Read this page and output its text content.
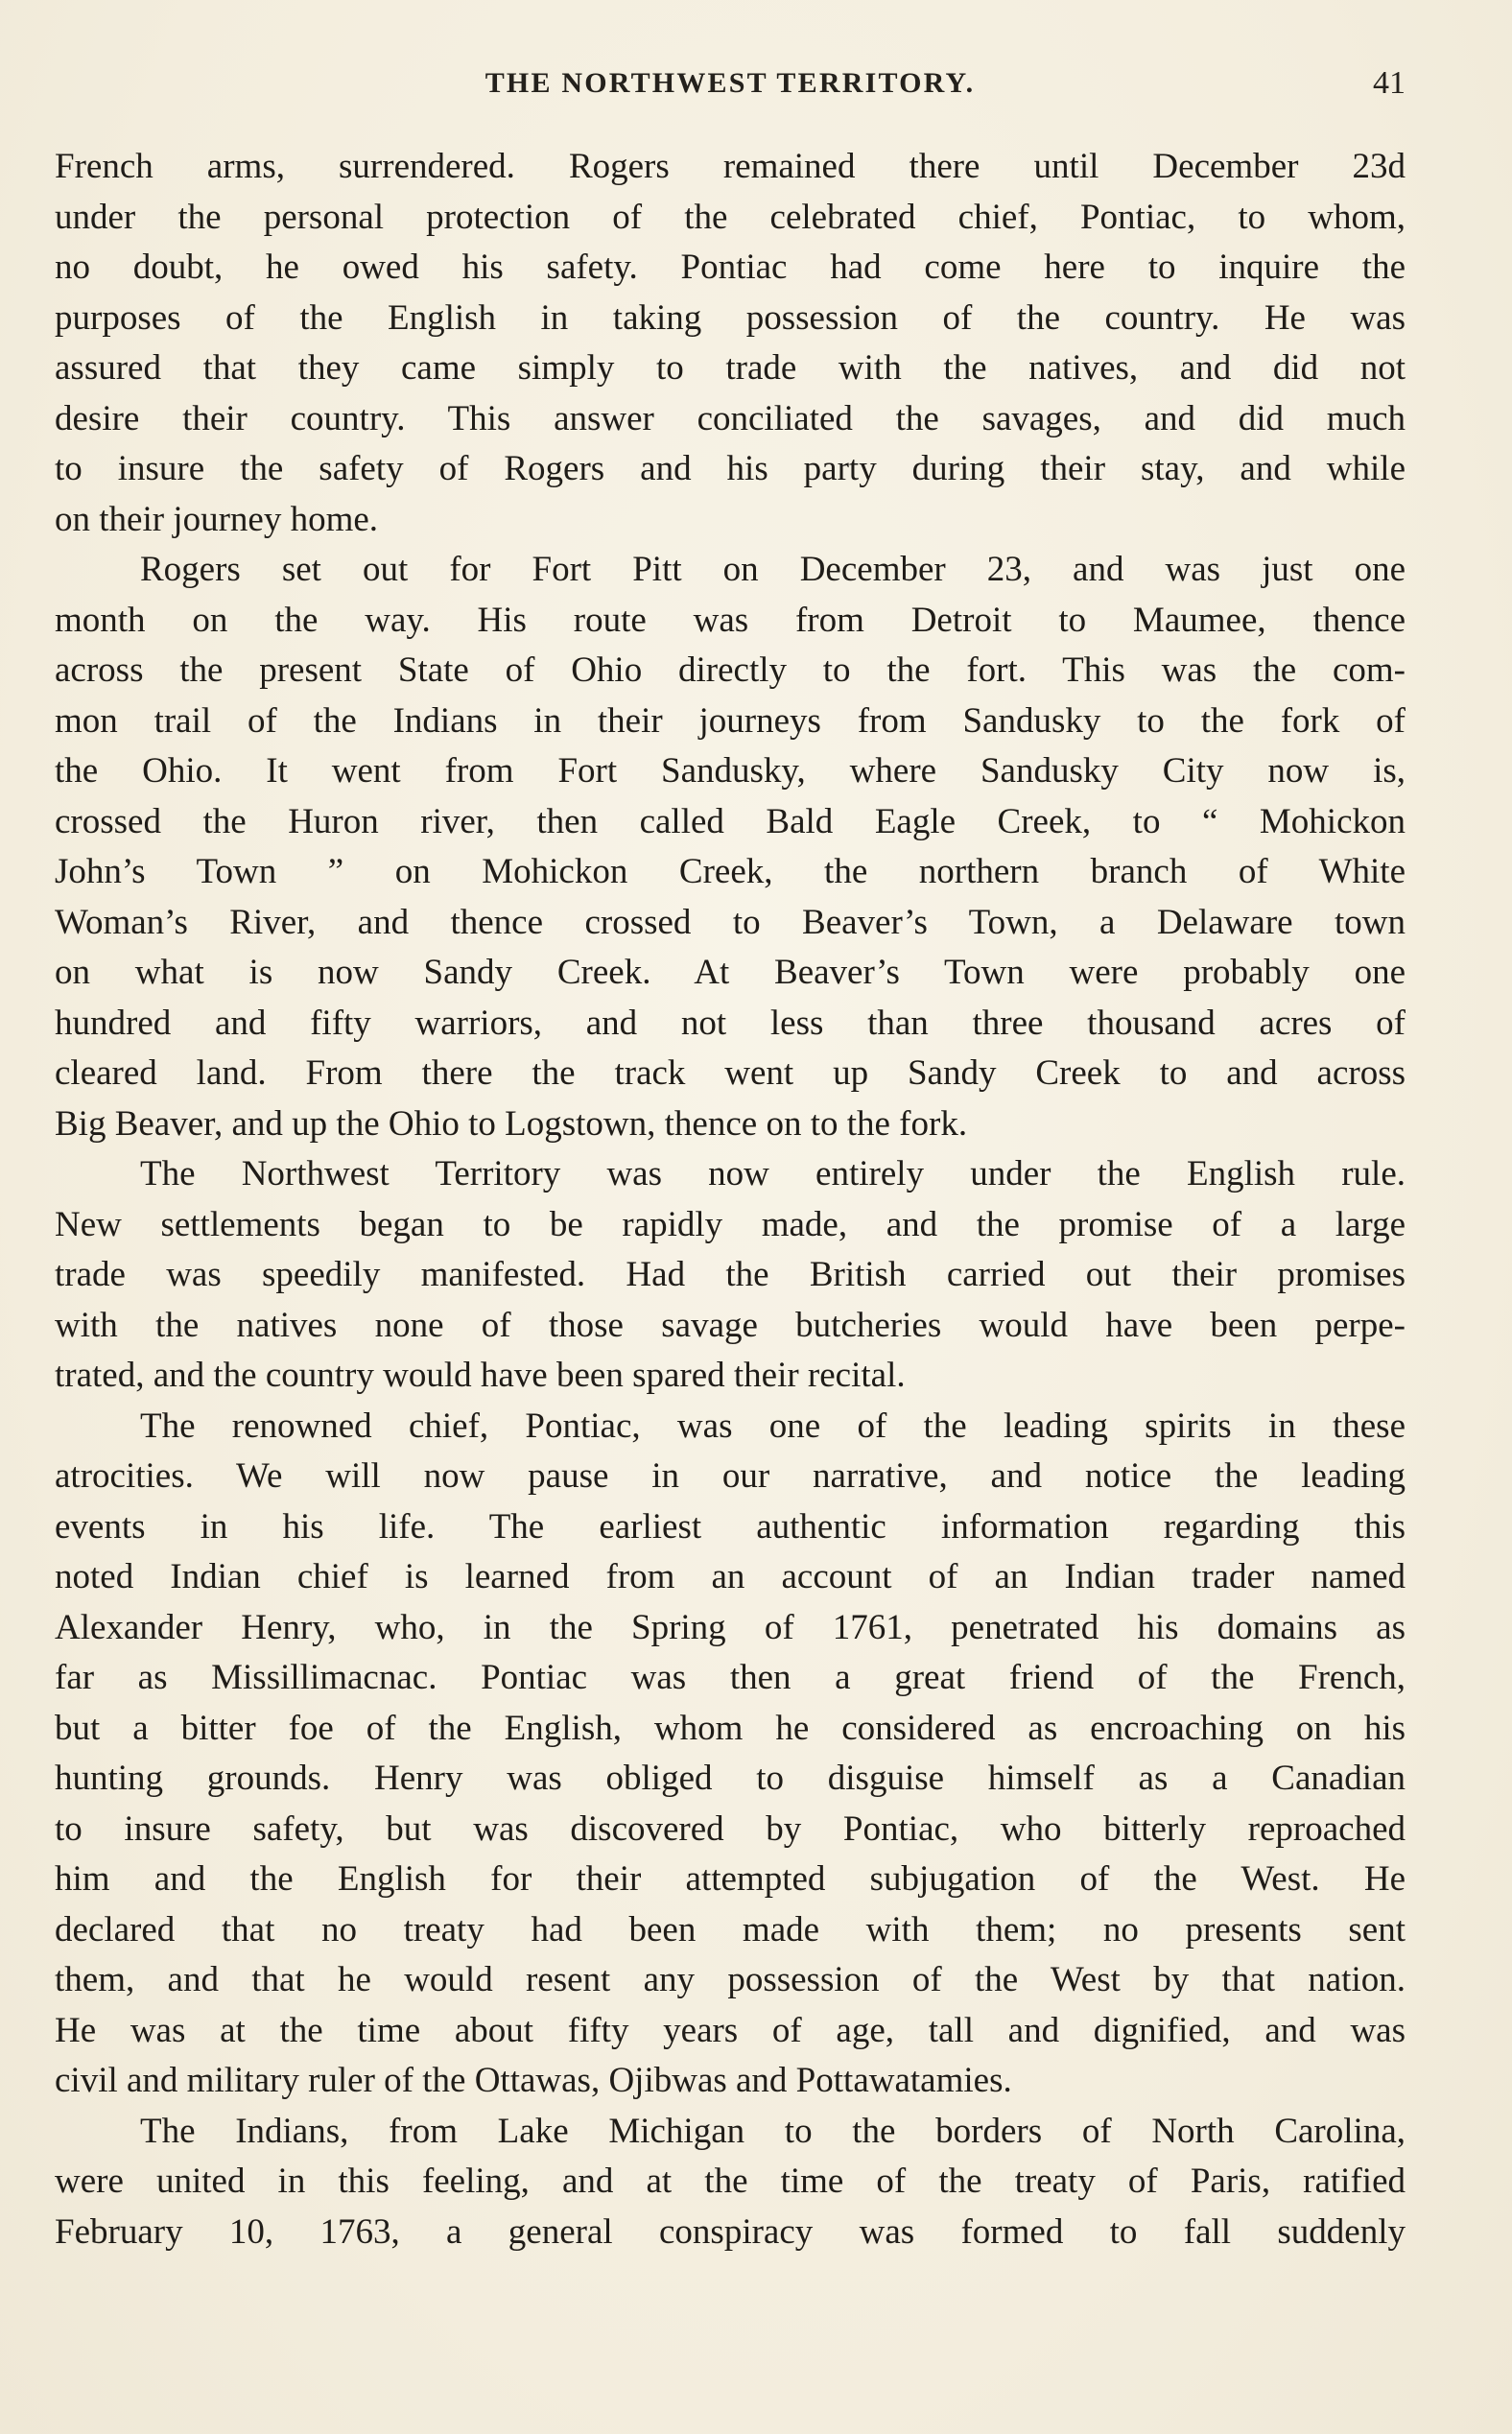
THE NORTHWEST TERRITORY.	41
French arms, surrendered. Rogers remained there until December 23d
under the personal protection of the celebrated chief, Pontiac, to whom,
no doubt, he owed his safety. Pontiac had come here to inquire the
purposes of the English in taking possession of the country. He was
assured that they came simply to trade with the natives, and did not
desire their country. This answer conciliated the savages, and did much
to insure the safety of Rogers and his party during their stay, and while
on their journey home.
Rogers set out for Fort Pitt on December 23, and was just one
month on the way. His route was from Detroit to Maumee, thence
across the present State of Ohio directly to the fort. This was the com-
mon trail of the Indians in their journeys from Sandusky to the fork of
the Ohio. It went from Fort Sandusky, where Sandusky City now is,
crossed the Huron river, then called Bald Eagle Creek, to “ Mohickon
John’s Town ” on Mohickon Creek, the northern branch of White
Woman’s River, and thence crossed to Beaver’s Town, a Delaware town
on what is now Sandy Creek. At Beaver’s Town were probably one
hundred and fifty warriors, and not less than three thousand acres of
cleared land. From there the track went up Sandy Creek to and across
Big Beaver, and up the Ohio to Logstown, thence on to the fork.
The Northwest Territory was now entirely under the English rule.
New settlements began to be rapidly made, and the promise of a large
trade was speedily manifested. Had the British carried out their promises
with the natives none of those savage butcheries would have been perpe-
trated, and the country would have been spared their recital.
The renowned chief, Pontiac, was one of the leading spirits in these
atrocities. We will now pause in our narrative, and notice the leading
events in his life. The earliest authentic information regarding this
noted Indian chief is learned from an account of an Indian trader named
Alexander Henry, who, in the Spring of 1761, penetrated his domains as
far as Missillimacnac. Pontiac was then a great friend of the French,
but a bitter foe of the English, whom he considered as encroaching on his
hunting grounds. Henry was obliged to disguise himself as a Canadian
to insure safety, but was discovered by Pontiac, who bitterly reproached
him and the English for their attempted subjugation of the West. He
declared that no treaty had been made with them; no presents sent
them, and that he would resent any possession of the West by that nation.
He was at the time about fifty years of age, tall and dignified, and was
civil and military ruler of the Ottawas, Ojibwas and Pottawatamies.
The Indians, from Lake Michigan to the borders of North Carolina,
were united in this feeling, and at the time of the treaty of Paris, ratified
February 10, 1763, a general conspiracy was formed to fall suddenly
